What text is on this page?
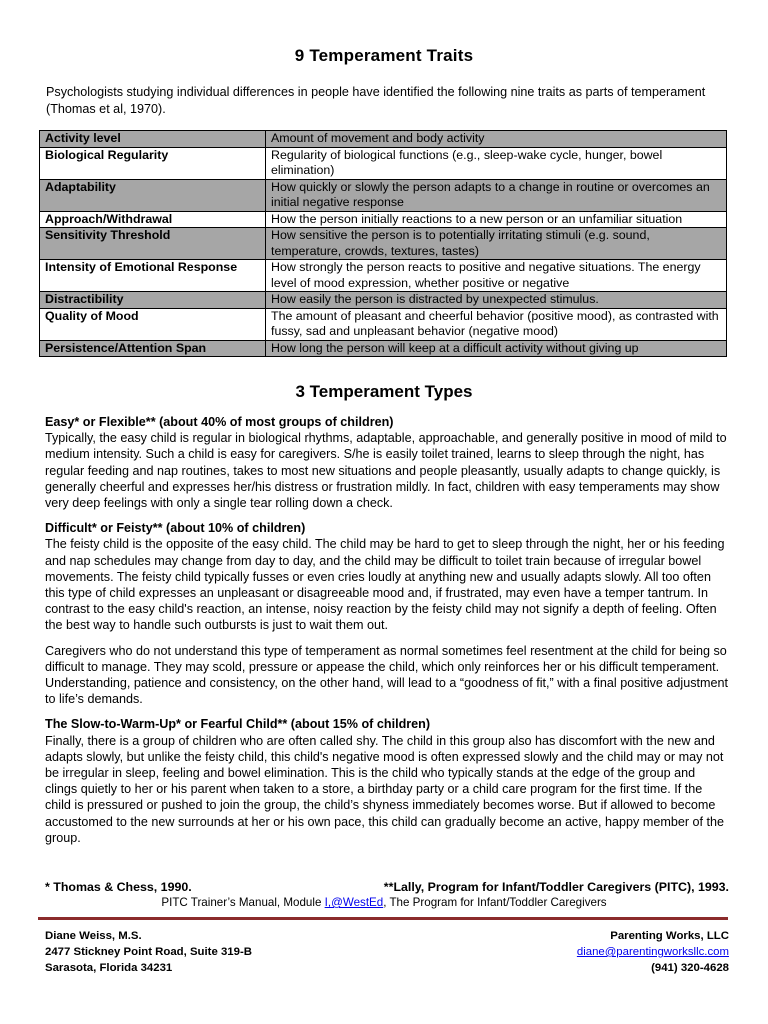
9 Temperament Traits

Psychologists studying individual differences in people have identified the following nine traits as parts of temperament (Thomas et al, 1970).

Activity level	Amount of movement and body activity
Biological Regularity	Regularity of biological functions (e.g., sleep-wake cycle, hunger, bowel elimination)
Adaptability	How quickly or slowly the person adapts to a change in routine or overcomes an initial negative response
Approach/Withdrawal	How the person initially reactions to a new person or an unfamiliar situation
Sensitivity Threshold	How sensitive the person is to potentially irritating stimuli (e.g. sound, temperature, crowds, textures, tastes)
Intensity of Emotional Response	How strongly the person reacts to positive and negative situations. The energy level of mood expression, whether positive or negative
Distractibility	How easily the person is distracted by unexpected stimulus.
Quality of Mood	The amount of pleasant and cheerful behavior (positive mood), as contrasted with fussy, sad and unpleasant behavior (negative mood)
Persistence/Attention Span	How long the person will keep at a difficult activity without giving up
3 Temperament Types

Easy* or Flexible** (about 40% of most groups of children)

Typically, the easy child is regular in biological rhythms, adaptable, approachable, and generally positive in mood of mild to medium intensity. Such a child is easy for caregivers. S/he is easily toilet trained, learns to sleep through the night, has regular feeding and nap routines, takes to most new situations and people pleasantly, usually adapts to change quickly, is generally cheerful and expresses her/his distress or frustration mildly. In fact, children with easy temperaments may show very deep feelings with only a single tear rolling down a check.

Difficult* or Feisty** (about 10% of children)

The feisty child is the opposite of the easy child. The child may be hard to get to sleep through the night, her or his feeding and nap schedules may change from day to day, and the child may be difficult to toilet train because of irregular bowel movements. The feisty child typically fusses or even cries loudly at anything new and usually adapts slowly. All too often this type of child expresses an unpleasant or disagreeable mood and, if frustrated, may even have a temper tantrum. In contrast to the easy child's reaction, an intense, noisy reaction by the feisty child may not signify a depth of feeling. Often the best way to handle such outbursts is just to wait them out.

Caregivers who do not understand this type of temperament as normal sometimes feel resentment at the child for being so difficult to manage. They may scold, pressure or appease the child, which only reinforces her or his difficult temperament. Understanding, patience and consistency, on the other hand, will lead to a “goodness of fit,” with a final positive adjustment to life’s demands.

The Slow-to-Warm-Up* or Fearful Child** (about 15% of children)

Finally, there is a group of children who are often called shy. The child in this group also has discomfort with the new and adapts slowly, but unlike the feisty child, this child's negative mood is often expressed slowly and the child may or may not be irregular in sleep, feeling and bowel elimination. This is the child who typically stands at the edge of the group and clings quietly to her or his parent when taken to a store, a birthday party or a child care program for the first time. If the child is pressured or pushed to join the group, the child’s shyness immediately becomes worse. But if allowed to become accustomed to the new surrounds at her or his own pace, this child can gradually become an active, happy member of the group.

* Thomas & Chess, 1990.	**Lally, Program for Infant/Toddler Caregivers (PITC), 1993.
PITC Trainer’s Manual, Module I,@WestEd, The Program for Infant/Toddler Caregivers
Diane Weiss, M.S.
2477 Stickney Point Road, Suite 319-B
Sarasota, Florida 34231
Parenting Works, LLC
diane@parentingworksllc.com
(941) 320-4628
